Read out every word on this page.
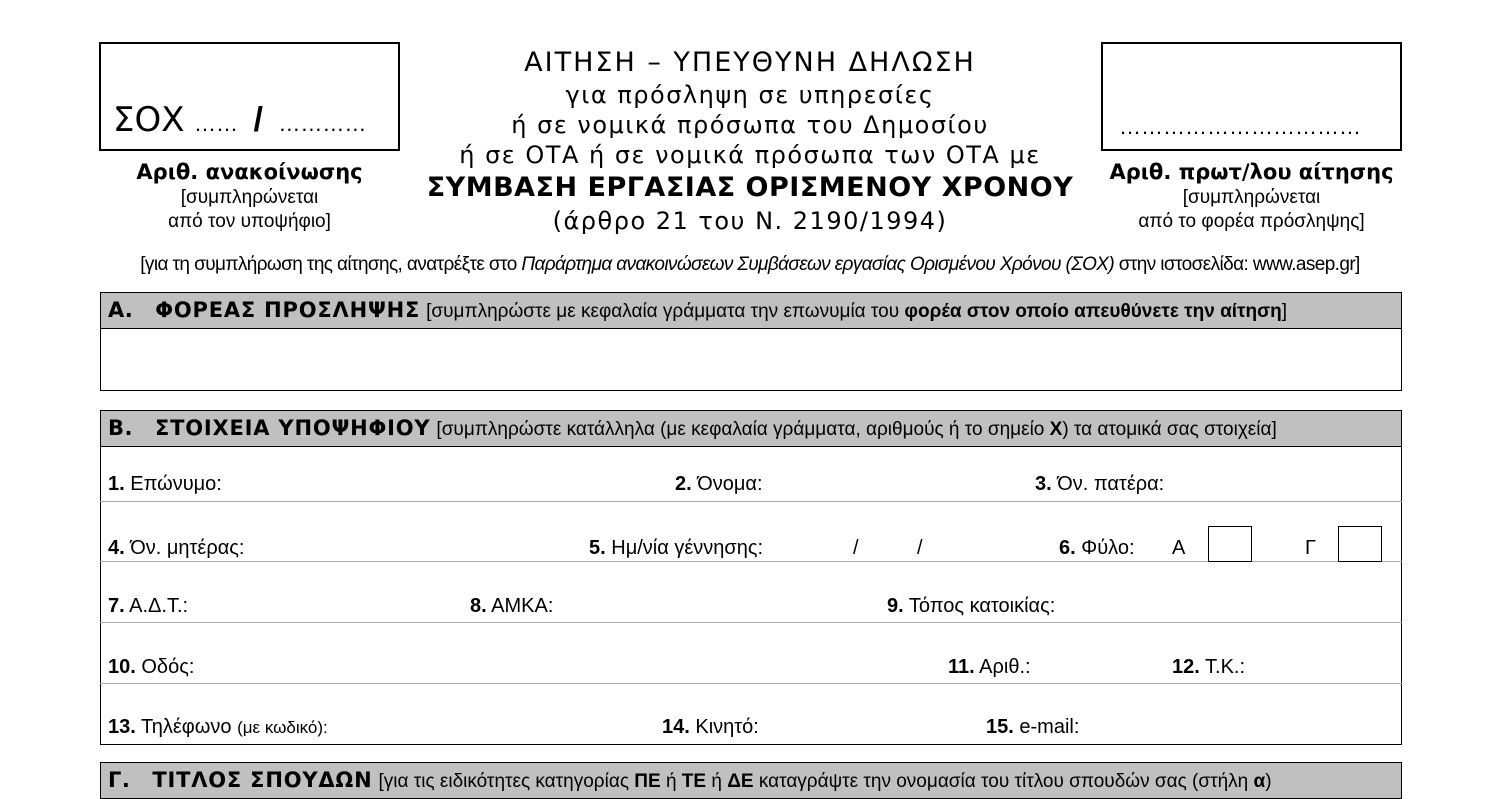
ΣΟΧ …… / …………
Αριθ. ανακοίνωσης
[συμπληρώνεται
από τον υποψήφιο]
ΑΙΤΗΣΗ – ΥΠΕΥΘΥΝΗ ΔΗΛΩΣΗ
για πρόσληψη σε υπηρεσίες
ή σε νομικά πρόσωπα του Δημοσίου
ή σε ΟΤΑ ή σε νομικά πρόσωπα των ΟΤΑ με
ΣΥΜΒΑΣΗ ΕΡΓΑΣΙΑΣ ΟΡΙΣΜΕΝΟΥ ΧΡΟΝΟΥ
(άρθρο 21 του Ν. 2190/1994)
……………………………
Αριθ. πρωτ/λου αίτησης
[συμπληρώνεται
από το φορέα πρόσληψης]
[για τη συμπλήρωση της αίτησης, ανατρέξτε στο Παράρτημα ανακοινώσεων Συμβάσεων εργασίας Ορισμένου Χρόνου (ΣΟΧ) στην ιστοσελίδα: www.asep.gr]
Α. ΦΟΡΕΑΣ ΠΡΟΣΛΗΨΗΣ [συμπληρώστε με κεφαλαία γράμματα την επωνυμία του φορέα στον οποίο απευθύνετε την αίτηση]
Β. ΣΤΟΙΧΕΙΑ ΥΠΟΨΗΦΙΟΥ [συμπληρώστε κατάλληλα (με κεφαλαία γράμματα, αριθμούς ή το σημείο Χ) τα ατομικά σας στοιχεία]
1. Επώνυμο:	2. Όνομα:	3. Όν. πατέρα:
4. Όν. μητέρας:	5. Ημ/νία γέννησης:	/	/	6. Φύλο: Α	Γ
7. Α.Δ.Τ.:	8. ΑΜΚΑ:	9. Τόπος κατοικίας:
10. Οδός:	11. Αριθ.:	12. Τ.Κ.:
13. Τηλέφωνο (με κωδικό):	14. Κινητό:	15. e-mail:
Γ. ΤΙΤΛΟΣ ΣΠΟΥΔΩΝ [για τις ειδικότητες κατηγορίας ΠΕ ή ΤΕ ή ΔΕ καταγράψτε την ονομασία του τίτλου σπουδών σας (στήλη α)
